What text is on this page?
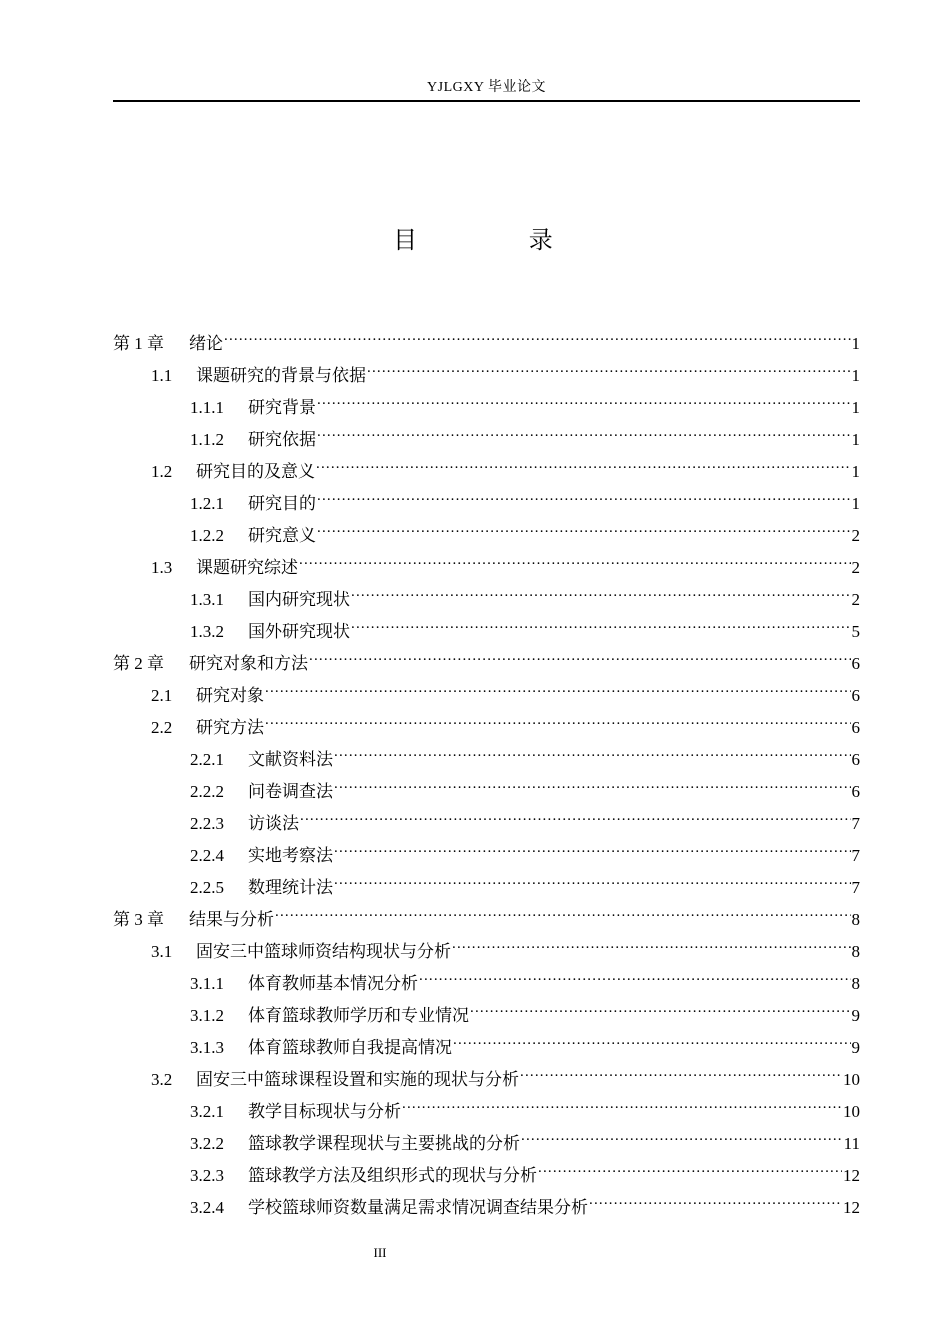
YJLGXY 毕业论文
目 录
第 1 章	绪论 .....	1
1.1	课题研究的背景与依据 .....	1
1.1.1	研究背景 .....	1
1.1.2	研究依据 .....	1
1.2	研究目的及意义 .....	1
1.2.1	研究目的 .....	1
1.2.2	研究意义 .....	2
1.3	课题研究综述 .....	2
1.3.1	国内研究现状 .....	2
1.3.2	国外研究现状 .....	5
第 2 章	研究对象和方法 .....	6
2.1	研究对象 .....	6
2.2	研究方法 .....	6
2.2.1	文献资料法 .....	6
2.2.2	问卷调查法 .....	6
2.2.3	访谈法 .....	7
2.2.4	实地考察法 .....	7
2.2.5	数理统计法 .....	7
第 3 章	结果与分析 .....	8
3.1	固安三中篮球师资结构现状与分析 .....	8
3.1.1	体育教师基本情况分析 .....	8
3.1.2	体育篮球教师学历和专业情况 .....	9
3.1.3	体育篮球教师自我提高情况 .....	9
3.2	固安三中篮球课程设置和实施的现状与分析 .....	10
3.2.1	教学目标现状与分析 .....	10
3.2.2	篮球教学课程现状与主要挑战的分析 .....	11
3.2.3	篮球教学方法及组织形式的现状与分析 .....	12
3.2.4	学校篮球师资数量满足需求情况调查结果分析 .....	12
III
